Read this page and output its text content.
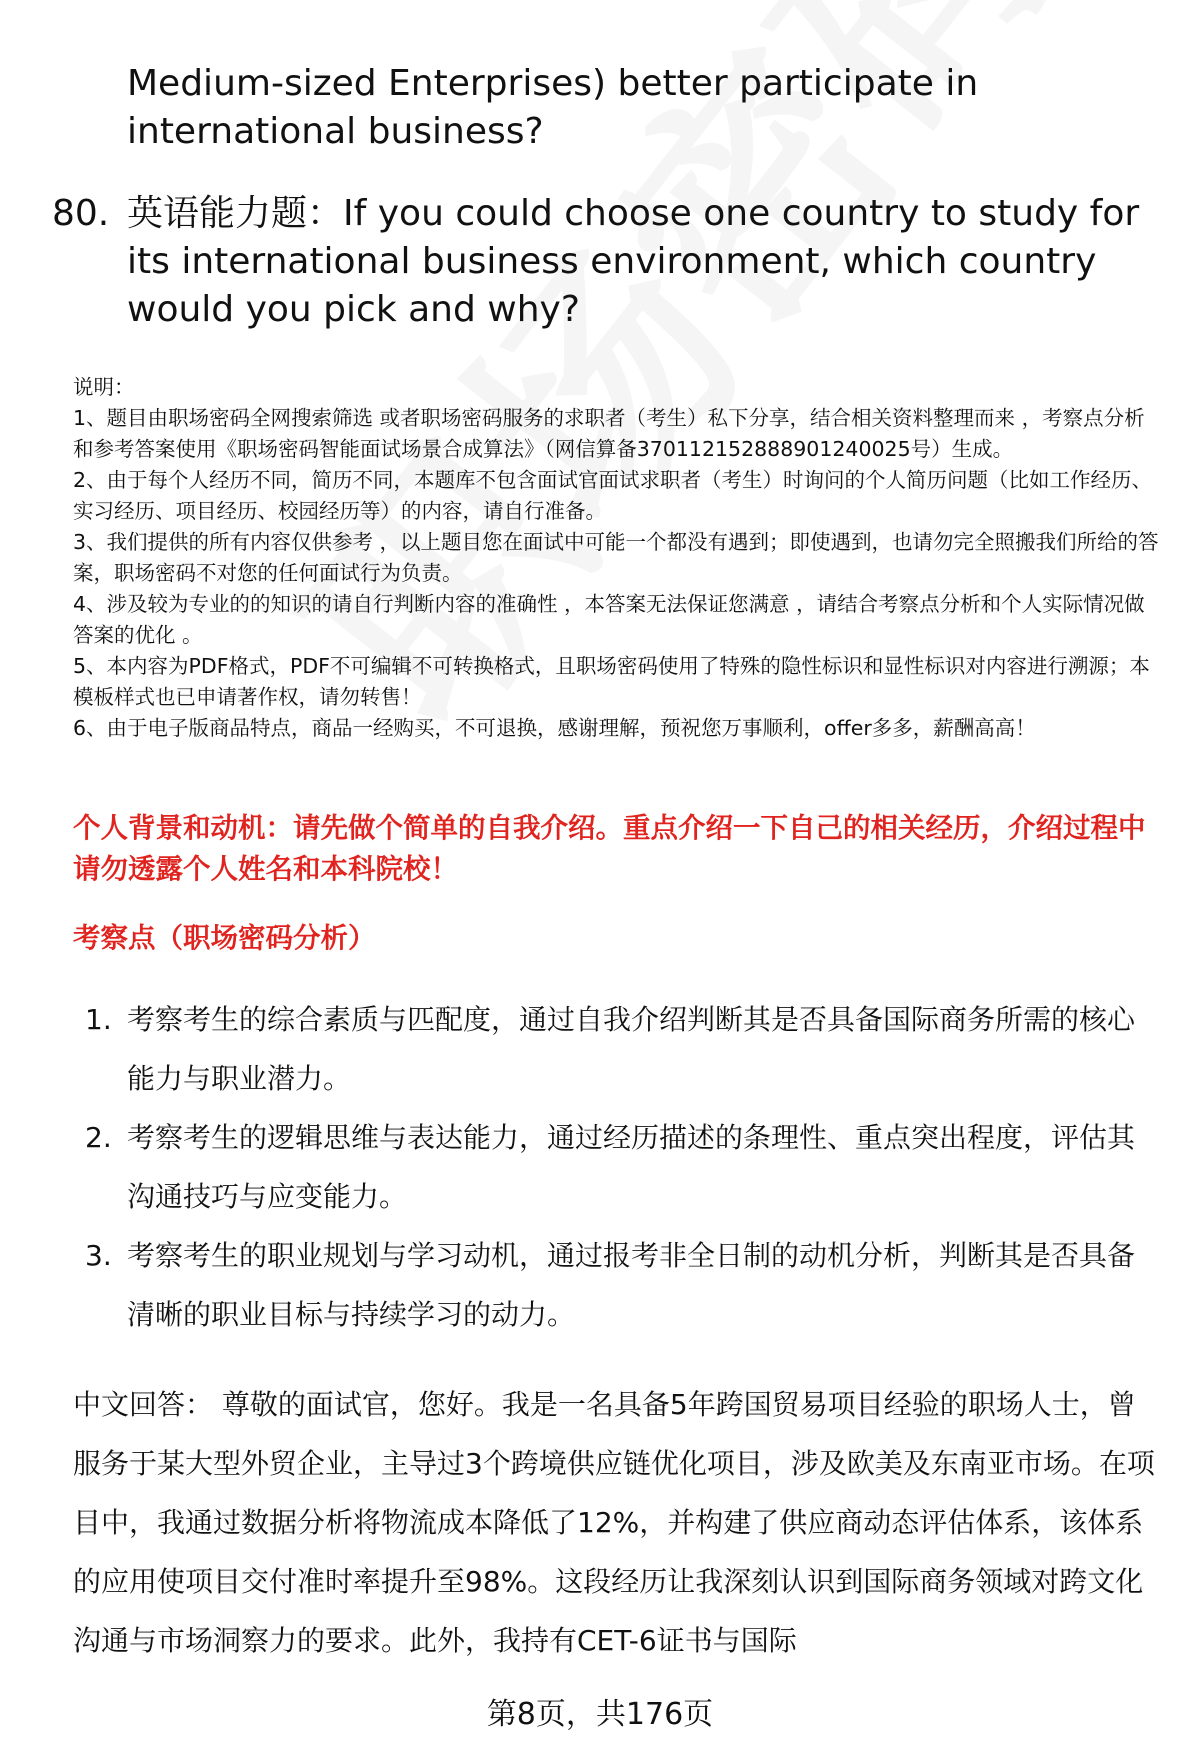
Medium-sized Enterprises) better participate in international business?
80. 英语能力题：If you could choose one country to study for its international business environment, which country would you pick and why?

说明：

1、题目由职场密码全网搜索筛选 或者职场密码服务的求职者（考生）私下分享，结合相关资料整理而来 ，考察点分析和参考答案使用《职场密码智能面试场景合成算法》（网信算备370112152888901240025号）生成。

2、由于每个人经历不同，简历不同，本题库不包含面试官面试求职者（考生）时询问的个人简历问题（比如工作经历、实习经历、项目经历、校园经历等）的内容，请自行准备。

3、我们提供的所有内容仅供参考 ，以上题目您在面试中可能一个都没有遇到；即使遇到，也请勿完全照搬我们所给的答案，职场密码不对您的任何面试行为负责。

4、涉及较为专业的的知识的请自行判断内容的准确性 ，本答案无法保证您满意 ，请结合考察点分析和个人实际情况做答案的优化 。

5、本内容为PDF格式，PDF不可编辑不可转换格式，且职场密码使用了特殊的隐性标识和显性标识对内容进行溯源；本模板样式也已申请著作权，请勿转售！

6、由于电子版商品特点，商品一经购买，不可退换，感谢理解，预祝您万事顺利，offer多多，薪酬高高！

个人背景和动机：请先做个简单的自我介绍。重点介绍一下自己的相关经历，介绍过程中请勿透露个人姓名和本科院校！
考察点（职场密码分析）
1. 考察考生的综合素质与匹配度，通过自我介绍判断其是否具备国际商务所需的核心能力与职业潜力。
2. 考察考生的逻辑思维与表达能力，通过经历描述的条理性、重点突出程度，评估其沟通技巧与应变能力。
3. 考察考生的职业规划与学习动机，通过报考非全日制的动机分析，判断其是否具备清晰的职业目标与持续学习的动力。
中文回答： 尊敬的面试官，您好。我是一名具备5年跨国贸易项目经验的职场人士，曾服务于某大型外贸企业，主导过3个跨境供应链优化项目，涉及欧美及东南亚市场。在项目中，我通过数据分析将物流成本降低了12%，并构建了供应商动态评估体系，该体系的应用使项目交付准时率提升至98%。这段经历让我深刻认识到国际商务领域对跨文化沟通与市场洞察力的要求。此外，我持有CET-6证书与国际
第8页，共176页
